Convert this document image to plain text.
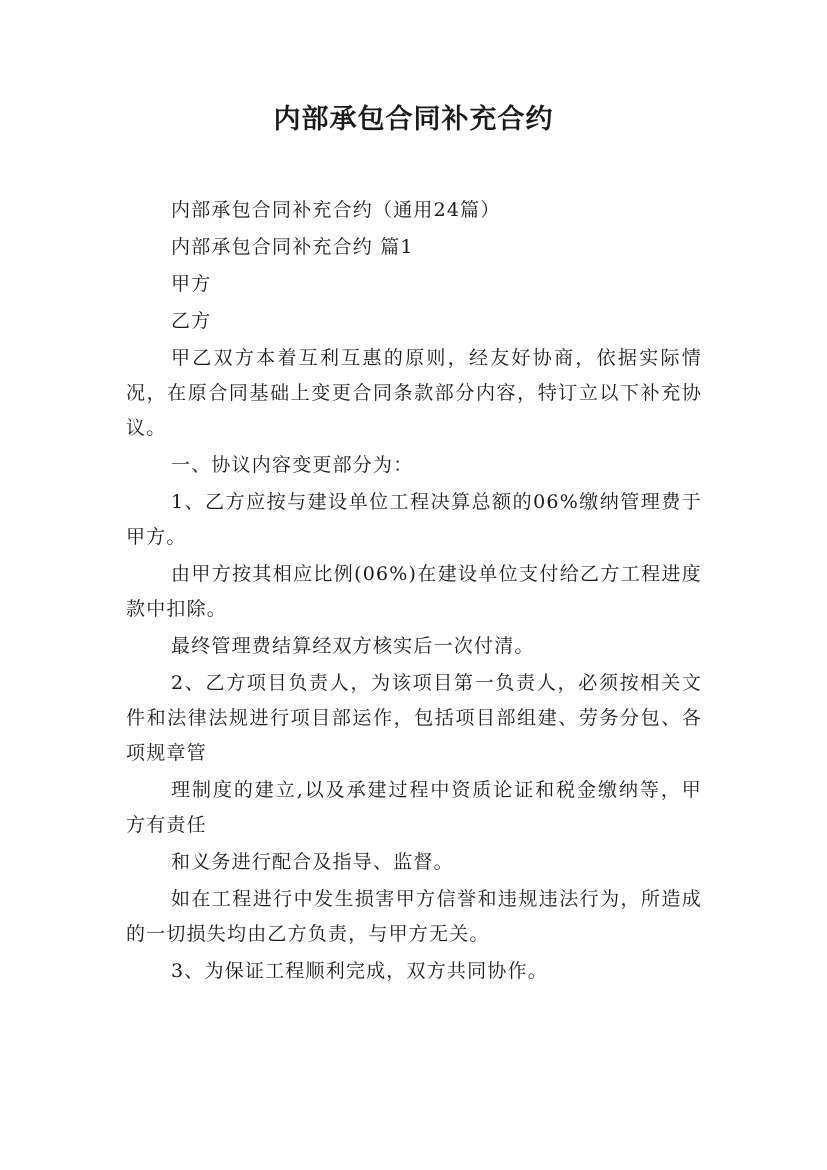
内部承包合同补充合约

内部承包合同补充合约（通用24篇）

内部承包合同补充合约 篇1

甲方

乙方

甲乙双方本着互利互惠的原则，经友好协商，依据实际情况，在原合同基础上变更合同条款部分内容，特订立以下补充协议。

一、协议内容变更部分为：

1、乙方应按与建设单位工程决算总额的06%缴纳管理费于甲方。

由甲方按其相应比例(06%)在建设单位支付给乙方工程进度款中扣除。

最终管理费结算经双方核实后一次付清。

2、乙方项目负责人，为该项目第一负责人，必须按相关文件和法律法规进行项目部运作，包括项目部组建、劳务分包、各项规章管

理制度的建立,以及承建过程中资质论证和税金缴纳等，甲方有责任

和义务进行配合及指导、监督。

如在工程进行中发生损害甲方信誉和违规违法行为，所造成的一切损失均由乙方负责，与甲方无关。

3、为保证工程顺利完成，双方共同协作。
